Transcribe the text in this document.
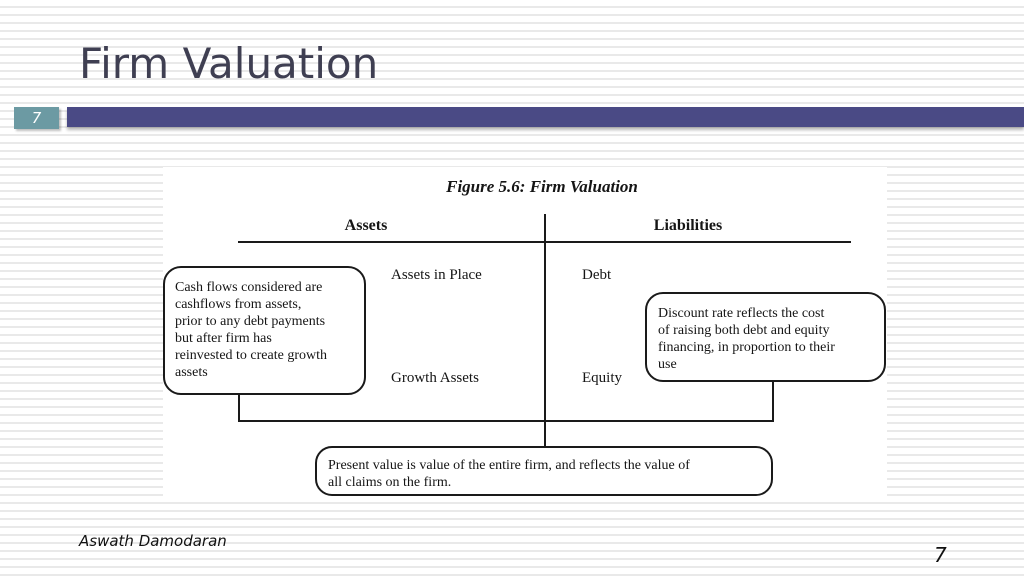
Firm Valuation
7
Figure 5.6: Firm Valuation
Assets	Liabilities
Assets in Place
Growth Assets
Debt
Equity
Cash flows considered are cashflows from assets, prior to any debt payments but after firm has reinvested to create growth assets
Discount rate reflects the cost of raising both debt and equity financing, in proportion to their use
Present value is value of the entire firm, and reflects the value of all claims on the firm.
Aswath Damodaran
7
